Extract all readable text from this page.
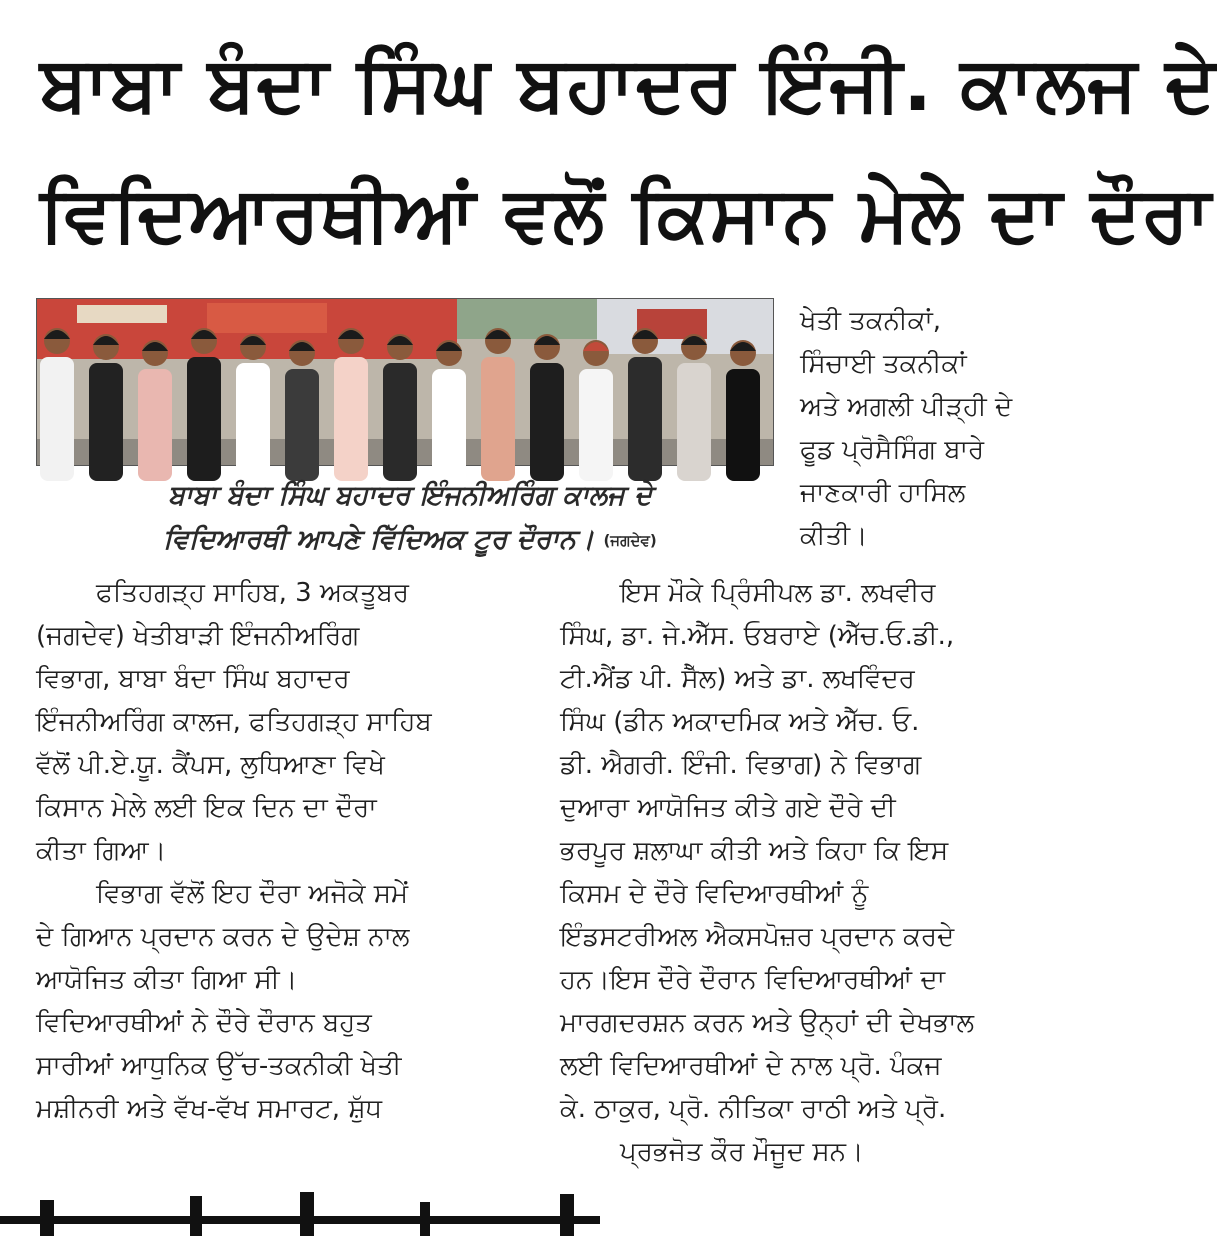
ਬਾਬਾ ਬੰਦਾ ਸਿੰਘ ਬਹਾਦਰ ਇੰਜੀ. ਕਾਲਜ ਦੇ
ਵਿਦਿਆਰਥੀਆਂ ਵਲੋਂ ਕਿਸਾਨ ਮੇਲੇ ਦਾ ਦੌਰਾ
ਬਾਬਾ ਬੰਦਾ ਸਿੰਘ ਬਹਾਦਰ ਇੰਜਨੀਅਰਿੰਗ ਕਾਲਜ ਦੇ
ਵਿਦਿਆਰਥੀ ਆਪਣੇ ਵਿੱਦਿਅਕ ਟੂਰ ਦੌਰਾਨ। (ਜਗਦੇਵ)
ਖੇਤੀ ਤਕਨੀਕਾਂ,
ਸਿੰਚਾਈ ਤਕਨੀਕਾਂ
ਅਤੇ ਅਗਲੀ ਪੀੜ੍ਹੀ ਦੇ
ਫੂਡ ਪ੍ਰੋਸੈਸਿੰਗ ਬਾਰੇ
ਜਾਣਕਾਰੀ ਹਾਸਿਲ
ਕੀਤੀ।
ਫਤਿਹਗੜ੍ਹ ਸਾਹਿਬ, 3 ਅਕਤੂਬਰ
(ਜਗਦੇਵ) ਖੇਤੀਬਾੜੀ ਇੰਜਨੀਅਰਿੰਗ
ਵਿਭਾਗ, ਬਾਬਾ ਬੰਦਾ ਸਿੰਘ ਬਹਾਦਰ
ਇੰਜਨੀਅਰਿੰਗ ਕਾਲਜ, ਫਤਿਹਗੜ੍ਹ ਸਾਹਿਬ
ਵੱਲੋਂ ਪੀ.ਏ.ਯੂ. ਕੈਂਪਸ, ਲੁਧਿਆਣਾ ਵਿਖੇ
ਕਿਸਾਨ ਮੇਲੇ ਲਈ ਇਕ ਦਿਨ ਦਾ ਦੌਰਾ
ਕੀਤਾ ਗਿਆ।
ਵਿਭਾਗ ਵੱਲੋਂ ਇਹ ਦੌਰਾ ਅਜੋਕੇ ਸਮੇਂ
ਦੇ ਗਿਆਨ ਪ੍ਰਦਾਨ ਕਰਨ ਦੇ ਉਦੇਸ਼ ਨਾਲ
ਆਯੋਜਿਤ ਕੀਤਾ ਗਿਆ ਸੀ।
ਵਿਦਿਆਰਥੀਆਂ ਨੇ ਦੌਰੇ ਦੌਰਾਨ ਬਹੁਤ
ਸਾਰੀਆਂ ਆਧੁਨਿਕ ਉੱਚ-ਤਕਨੀਕੀ ਖੇਤੀ
ਮਸ਼ੀਨਰੀ ਅਤੇ ਵੱਖ-ਵੱਖ ਸਮਾਰਟ, ਸ਼ੁੱਧ
ਇਸ ਮੌਕੇ ਪ੍ਰਿੰਸੀਪਲ ਡਾ. ਲਖਵੀਰ
ਸਿੰਘ, ਡਾ. ਜੇ.ਐੱਸ. ਓਬਰਾਏ (ਐੱਚ.ਓ.ਡੀ.,
ਟੀ.ਐਂਡ ਪੀ. ਸੈੱਲ) ਅਤੇ ਡਾ. ਲਖਵਿੰਦਰ
ਸਿੰਘ (ਡੀਨ ਅਕਾਦਮਿਕ ਅਤੇ ਐੱਚ. ਓ.
ਡੀ. ਐਗਰੀ. ਇੰਜੀ. ਵਿਭਾਗ) ਨੇ ਵਿਭਾਗ
ਦੁਆਰਾ ਆਯੋਜਿਤ ਕੀਤੇ ਗਏ ਦੌਰੇ ਦੀ
ਭਰਪੂਰ ਸ਼ਲਾਘਾ ਕੀਤੀ ਅਤੇ ਕਿਹਾ ਕਿ ਇਸ
ਕਿਸਮ ਦੇ ਦੌਰੇ ਵਿਦਿਆਰਥੀਆਂ ਨੂੰ
ਇੰਡਸਟਰੀਅਲ ਐਕਸਪੋਜ਼ਰ ਪ੍ਰਦਾਨ ਕਰਦੇ
ਹਨ।ਇਸ ਦੌਰੇ ਦੌਰਾਨ ਵਿਦਿਆਰਥੀਆਂ ਦਾ
ਮਾਰਗਦਰਸ਼ਨ ਕਰਨ ਅਤੇ ਉਨ੍ਹਾਂ ਦੀ ਦੇਖਭਾਲ
ਲਈ ਵਿਦਿਆਰਥੀਆਂ ਦੇ ਨਾਲ ਪ੍ਰੋ. ਪੰਕਜ
ਕੇ. ਠਾਕੁਰ, ਪ੍ਰੋ. ਨੀਤਿਕਾ ਰਾਠੀ ਅਤੇ ਪ੍ਰੋ.
ਪ੍ਰਭਜੋਤ ਕੌਰ ਮੌਜੂਦ ਸਨ।
